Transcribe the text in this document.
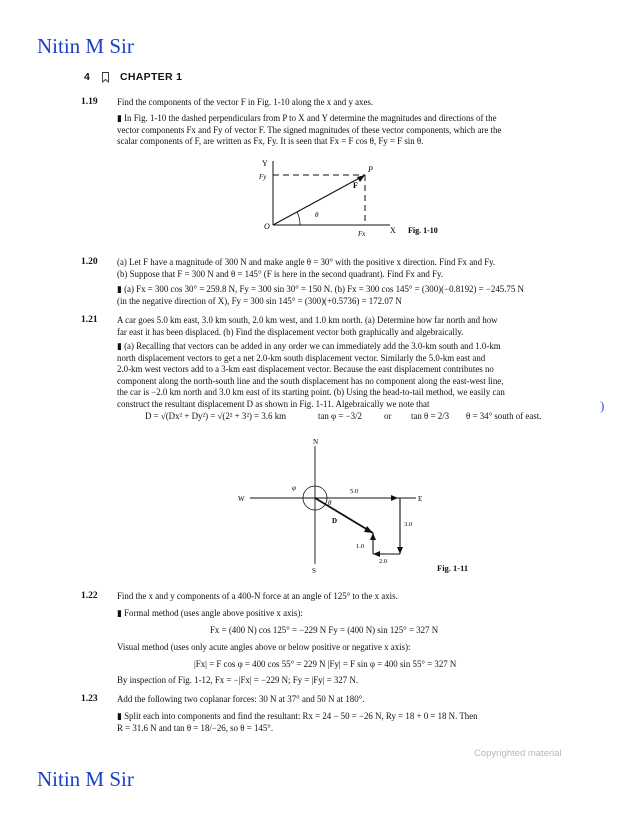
Nitin M Sir
Nitin M Sir
4	CHAPTER 1
1.19 Find the components of the vector F in Fig. 1-10 along the x and y axes.

▮ In Fig. 1-10 the dashed perpendiculars from P to X and Y determine the magnitudes and directions of the

vector components Fx and Fy of vector F. The signed magnitudes of these vector components, which are the

scalar components of F, are written as Fx, Fy. It is seen that Fx = F cos θ, Fy = F sin θ.

Y
Fy
P
F
θ
O
Fx	X Fig. 1-10
1.20 (a) Let F have a magnitude of 300 N and make angle θ = 30° with the positive x direction. Find Fx and Fy.

(b) Suppose that F = 300 N and θ = 145° (F is here in the second quadrant). Find Fx and Fy.

▮ (a) Fx = 300 cos 30° = 259.8 N, Fy = 300 sin 30° = 150 N. (b) Fx = 300 cos 145° = (300)(−0.8192) = −245.75 N

(in the negative direction of X), Fy = 300 sin 145° = (300)(+0.5736) = 172.07 N

1.21 A car goes 5.0 km east, 3.0 km south, 2.0 km west, and 1.0 km north. (a) Determine how far north and how

far east it has been displaced. (b) Find the displacement vector both graphically and algebraically.

▮ (a) Recalling that vectors can be added in any order we can immediately add the 3.0-km south and 1.0-km

north displacement vectors to get a net 2.0-km south displacement vector. Similarly the 5.0-km east and

2.0-km west vectors add to a 3-km east displacement vector. Because the east displacement contributes no

component along the north-south line and the south displacement has no component along the east-west line,

the car is −2.0 km north and 3.0 km east of its starting point. (b) Using the head-to-tail method, we easily can

construct the resultant displacement D as shown in Fig. 1-11. Algebraically we note that

D = √(Dx² + Dy²) = √(2² + 3²) = 3.6 km	tan φ = −3/2 or tan θ = 2/3 θ = 34° south of east.
)
N
S
W	E
φ
θ
D
5.0
3.0
1.0
2.0
Fig. 1-11
1.22 Find the x and y components of a 400-N force at an angle of 125° to the x axis.
▮ Formal method (uses angle above positive x axis):
Fx = (400 N) cos 125° = −229 N Fy = (400 N) sin 125° = 327 N
Visual method (uses only acute angles above or below positive or negative x axis):
|Fx| = F cos φ = 400 cos 55° = 229 N |Fy| = F sin φ = 400 sin 55° = 327 N
By inspection of Fig. 1-12, Fx = −|Fx| = −229 N; Fy = |Fy| = 327 N.
1.23 Add the following two coplanar forces: 30 N at 37° and 50 N at 180°.

▮ Split each into components and find the resultant: Rx = 24 − 50 = −26 N, Ry = 18 + 0 = 18 N. Then

R = 31.6 N and tan θ = 18/−26, so θ = 145°.

Copyrighted material
